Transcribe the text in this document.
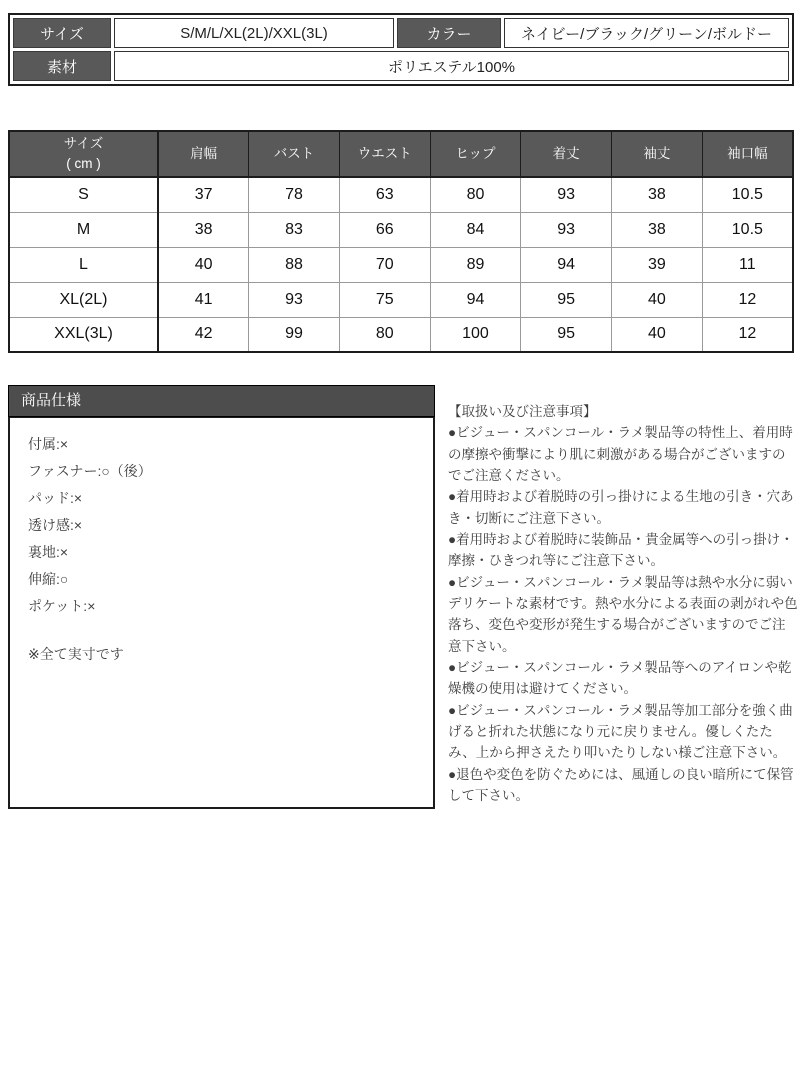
サイズ	S/M/L/XL(2L)/XXL(3L)	カラー	ネイビー/ブラック/グリーン/ボルドー
素材	ポリエステル100%		
サイズ
( cm )	肩幅	バスト	ウエスト	ヒップ	着丈	袖丈	袖口幅
S	37	78	63	80	93	38	10.5
M	38	83	66	84	93	38	10.5
L	40	88	70	89	94	39	11
XL(2L)	41	93	75	94	95	40	12
XXL(3L)	42	99	80	100	95	40	12
商品仕様
付属:×
ファスナー:○（後）
パッド:×
透け感:×
裏地:×
伸縮:○
ポケット:×
※全て実寸です

【取扱い及び注意事項】

●ビジュー・スパンコール・ラメ製品等の特性上、着用時の摩擦や衝撃により肌に刺激がある場合がございますのでご注意ください。

●着用時および着脱時の引っ掛けによる生地の引き・穴あき・切断にご注意下さい。

●着用時および着脱時に装飾品・貴金属等への引っ掛け・摩擦・ひきつれ等にご注意下さい。

●ビジュー・スパンコール・ラメ製品等は熱や水分に弱いデリケートな素材です。熱や水分による表面の剥がれや色落ち、変色や変形が発生する場合がございますのでご注意下さい。

●ビジュー・スパンコール・ラメ製品等へのアイロンや乾燥機の使用は避けてください。

●ビジュー・スパンコール・ラメ製品等加工部分を強く曲げると折れた状態になり元に戻りません。優しくたたみ、上から押さえたり叩いたりしない様ご注意下さい。

●退色や変色を防ぐためには、風通しの良い暗所にて保管して下さい。
